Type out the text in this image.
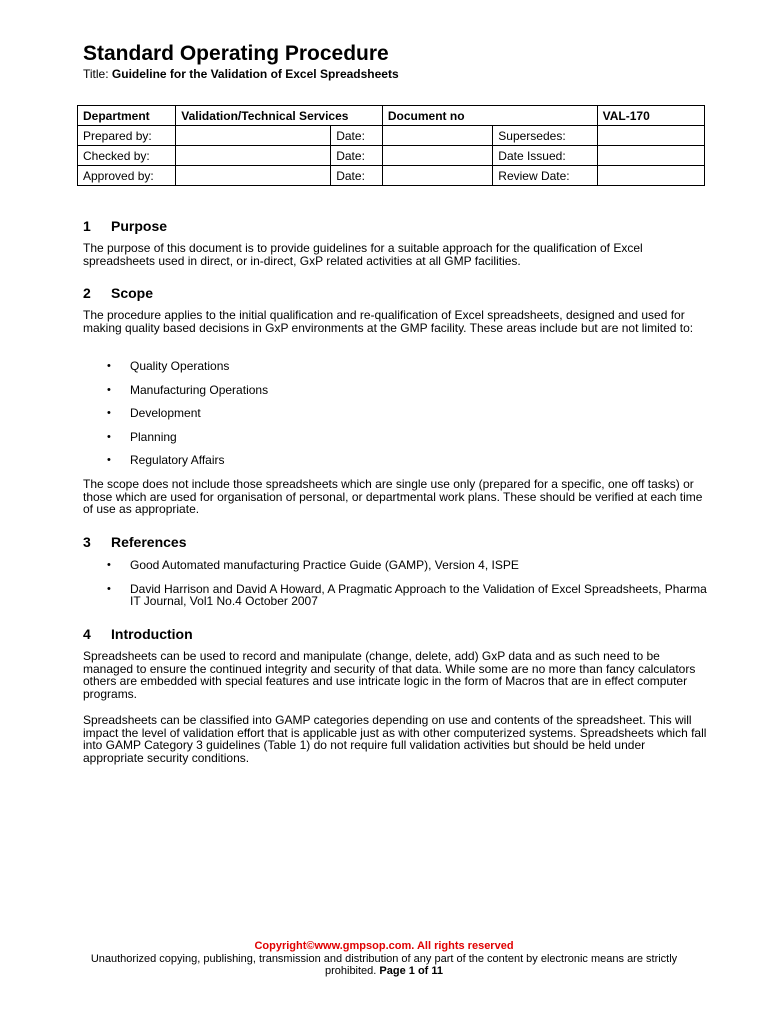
Standard Operating Procedure
Title: Guideline for the Validation of Excel Spreadsheets
Department	Validation/Technical Services		Document no		VAL-170
Prepared by:		Date:		Supersedes:	
Checked by:		Date:		Date Issued:	
Approved by:		Date:		Review Date:	
1 Purpose

The purpose of this document is to provide guidelines for a suitable approach for the qualification of Excel spreadsheets used in direct, or in-direct, GxP related activities at all GMP facilities.

2 Scope

The procedure applies to the initial qualification and re-qualification of Excel spreadsheets, designed and used for making quality based decisions in GxP environments at the GMP facility. These areas include but are not limited to:

• Quality Operations
• Manufacturing Operations
• Development
• Planning
• Regulatory Affairs

The scope does not include those spreadsheets which are single use only (prepared for a specific, one off tasks) or those which are used for organisation of personal, or departmental work plans. These should be verified at each time of use as appropriate.

3 References
• Good Automated manufacturing Practice Guide (GAMP), Version 4, ISPE
• David Harrison and David A Howard, A Pragmatic Approach to the Validation of Excel Spreadsheets, Pharma IT Journal, Vol1 No.4 October 2007
4 Introduction

Spreadsheets can be used to record and manipulate (change, delete, add) GxP data and as such need to be managed to ensure the continued integrity and security of that data. While some are no more than fancy calculators others are embedded with special features and use intricate logic in the form of Macros that are in effect computer programs.

Spreadsheets can be classified into GAMP categories depending on use and contents of the spreadsheet. This will impact the level of validation effort that is applicable just as with other computerized systems. Spreadsheets which fall into GAMP Category 3 guidelines (Table 1) do not require full validation activities but should be held under appropriate security conditions.

Copyright©www.gmpsop.com. All rights reserved
Unauthorized copying, publishing, transmission and distribution of any part of the content by electronic means are strictly prohibited. Page 1 of 11
